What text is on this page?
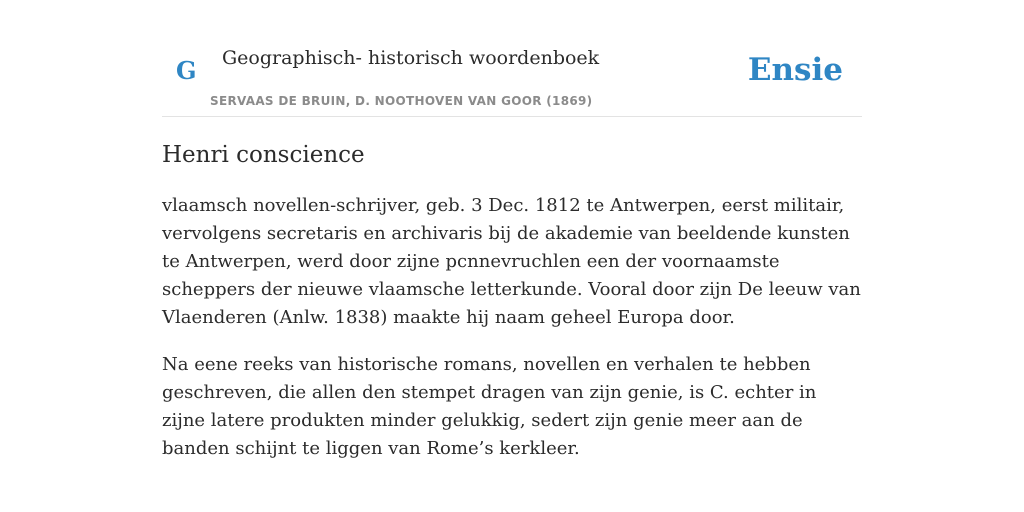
G Geographisch- historisch woordenboek
SERVAAS DE BRUIN, D. NOOTHOVEN VAN GOOR (1869)
Ensie
Henri conscience

vlaamsch novellen-schrijver, geb. 3 Dec. 1812 te Antwerpen, eerst militair, vervolgens secretaris en archivaris bij de akademie van beeldende kunsten te Antwerpen, werd door zijne pcnnevruchlen een der voornaamste scheppers der nieuwe vlaamsche letterkunde. Vooral door zijn De leeuw van Vlaenderen (Anlw. 1838) maakte hij naam geheel Europa door.

Na eene reeks van historische romans, novellen en verhalen te hebben geschreven, die allen den stempet dragen van zijn genie, is C. echter in zijne latere produkten minder gelukkig, sedert zijn genie meer aan de banden schijnt te liggen van Rome’s kerkleer.
